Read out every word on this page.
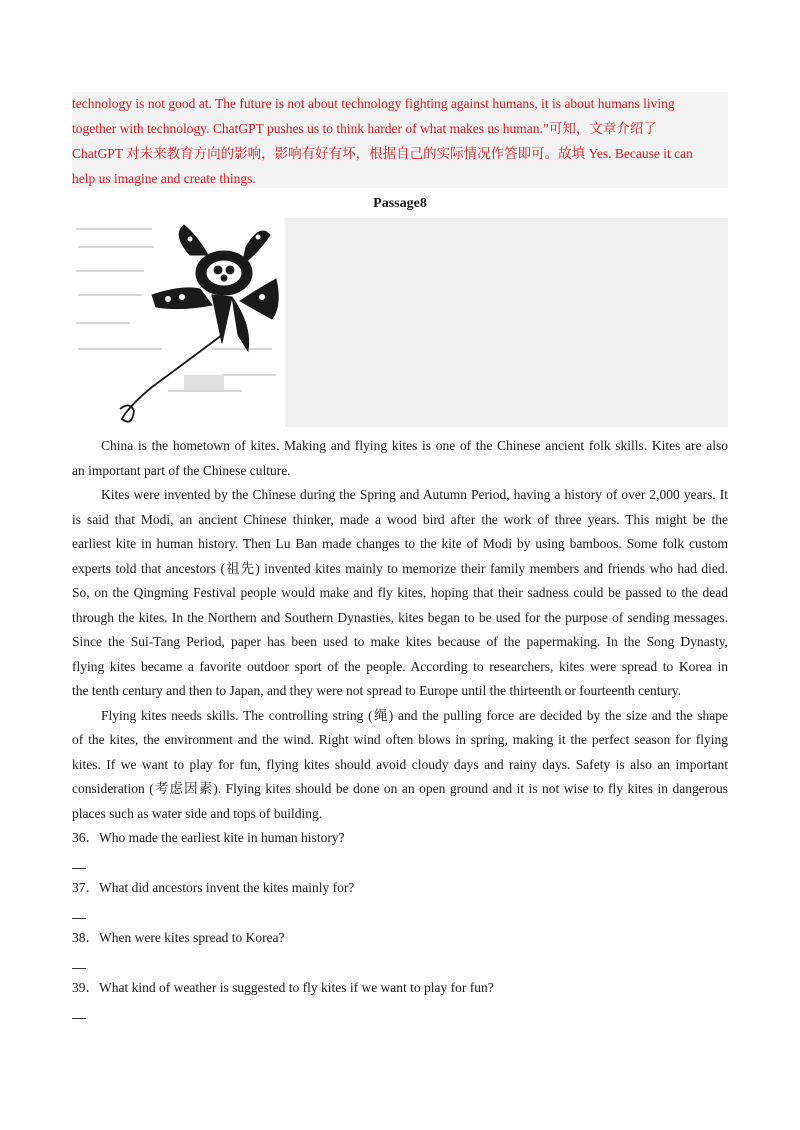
technology is not good at. The future is not about technology fighting against humans, it is about humans living
together with technology. ChatGPT pushes us to think harder of what makes us human.”可知，文章介绍了
ChatGPT 对未来教育方向的影响，影响有好有坏，根据自己的实际情况作答即可。故填 Yes. Because it can
help us imagine and create things.
Passage8
China is the hometown of kites. Making and flying kites is one of the Chinese ancient folk skills. Kites are also
an important part of the Chinese culture.
Kites were invented by the Chinese during the Spring and Autumn Period, having a history of over 2,000 years. It
is said that Modi, an ancient Chinese thinker, made a wood bird after the work of three years. This might be the
earliest kite in human history. Then Lu Ban made changes to the kite of Modi by using bamboos. Some folk custom
experts told that ancestors (祖先) invented kites mainly to memorize their family members and friends who had died.
So, on the Qingming Festival people would make and fly kites, hoping that their sadness could be passed to the dead
through the kites. In the Northern and Southern Dynasties, kites began to be used for the purpose of sending messages.
Since the Sui-Tang Period, paper has been used to make kites because of the papermaking. In the Song Dynasty,
flying kites became a favorite outdoor sport of the people. According to researchers, kites were spread to Korea in
the tenth century and then to Japan, and they were not spread to Europe until the thirteenth or fourteenth century.
Flying kites needs skills. The controlling string (绳) and the pulling force are decided by the size and the shape
of the kites, the environment and the wind. Right wind often blows in spring, making it the perfect season for flying
kites. If we want to play for fun, flying kites should avoid cloudy days and rainy days. Safety is also an important
consideration (考虑因素). Flying kites should be done on an open ground and it is not wise to fly kites in dangerous
places such as water side and tops of building.
36．Who made the earliest kite in human history?
37．What did ancestors invent the kites mainly for?
38．When were kites spread to Korea?
39．What kind of weather is suggested to fly kites if we want to play for fun?
